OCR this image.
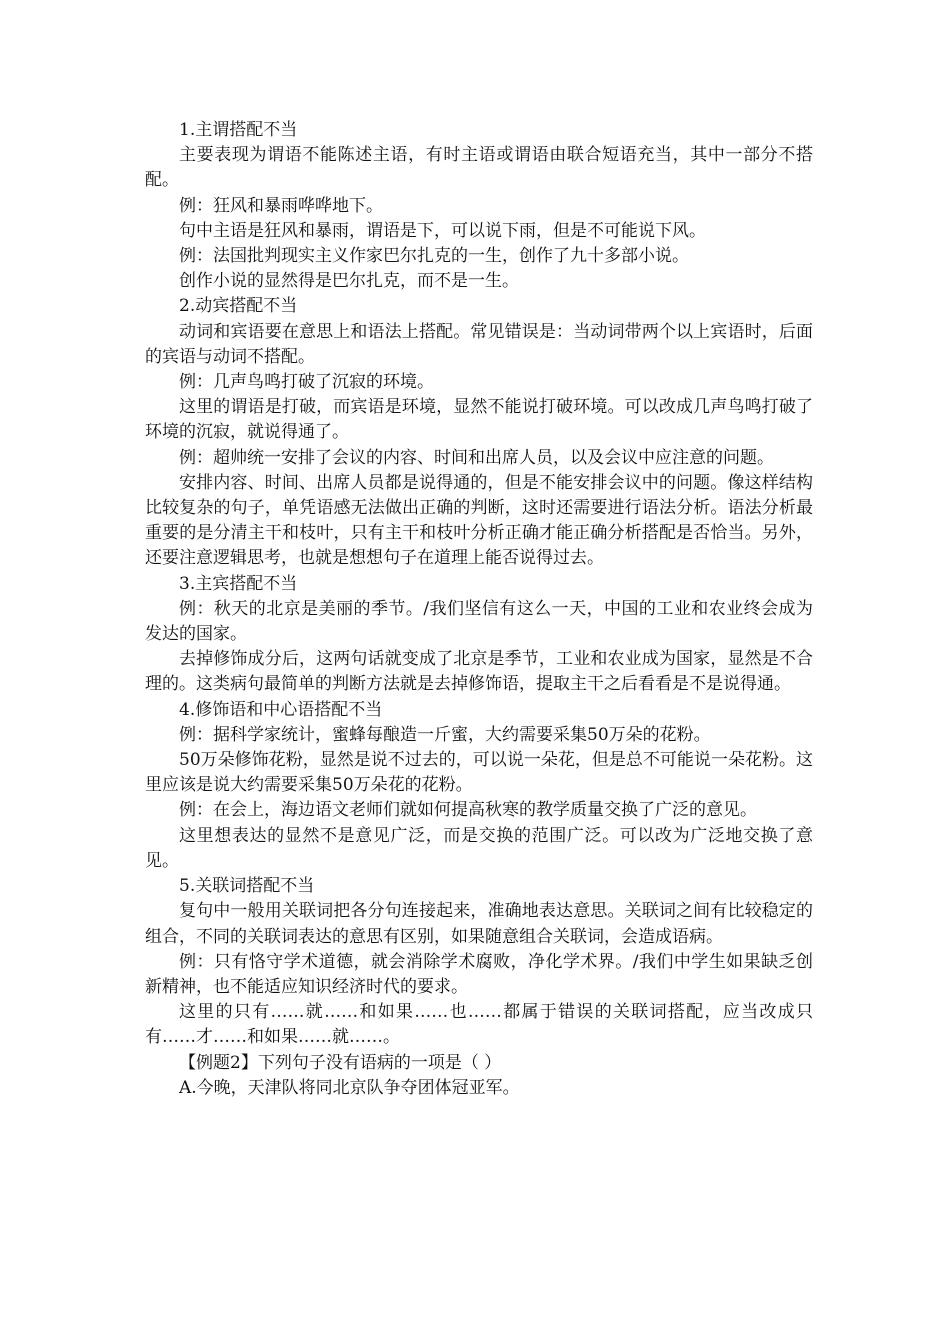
1.主谓搭配不当

主要表现为谓语不能陈述主语，有时主语或谓语由联合短语充当，其中一部分不搭配。

例：狂风和暴雨哗哗地下。

句中主语是狂风和暴雨，谓语是下，可以说下雨，但是不可能说下风。

例：法国批判现实主义作家巴尔扎克的一生，创作了九十多部小说。

创作小说的显然得是巴尔扎克，而不是一生。

2.动宾搭配不当

动词和宾语要在意思上和语法上搭配。常见错误是：当动词带两个以上宾语时，后面的宾语与动词不搭配。

例：几声鸟鸣打破了沉寂的环境。

这里的谓语是打破，而宾语是环境，显然不能说打破环境。可以改成几声鸟鸣打破了环境的沉寂，就说得通了。

例：超帅统一安排了会议的内容、时间和出席人员，以及会议中应注意的问题。

安排内容、时间、出席人员都是说得通的，但是不能安排会议中的问题。像这样结构比较复杂的句子，单凭语感无法做出正确的判断，这时还需要进行语法分析。语法分析最重要的是分清主干和枝叶，只有主干和枝叶分析正确才能正确分析搭配是否恰当。另外，还要注意逻辑思考，也就是想想句子在道理上能否说得过去。

3.主宾搭配不当

例：秋天的北京是美丽的季节。/我们坚信有这么一天，中国的工业和农业终会成为发达的国家。

去掉修饰成分后，这两句话就变成了北京是季节，工业和农业成为国家，显然是不合理的。这类病句最简单的判断方法就是去掉修饰语，提取主干之后看看是不是说得通。

4.修饰语和中心语搭配不当

例：据科学家统计，蜜蜂每酿造一斤蜜，大约需要采集50万朵的花粉。

50万朵修饰花粉，显然是说不过去的，可以说一朵花，但是总不可能说一朵花粉。这里应该是说大约需要采集50万朵花的花粉。

例：在会上，海边语文老师们就如何提高秋寒的教学质量交换了广泛的意见。

这里想表达的显然不是意见广泛，而是交换的范围广泛。可以改为广泛地交换了意见。

5.关联词搭配不当

复句中一般用关联词把各分句连接起来，准确地表达意思。关联词之间有比较稳定的组合，不同的关联词表达的意思有区别，如果随意组合关联词，会造成语病。

例：只有恪守学术道德，就会消除学术腐败，净化学术界。/我们中学生如果缺乏创新精神，也不能适应知识经济时代的要求。

这里的只有……就……和如果……也……都属于错误的关联词搭配，应当改成只有……才……和如果……就……。

【例题2】下列句子没有语病的一项是（ ）

A.今晚，天津队将同北京队争夺团体冠亚军。
